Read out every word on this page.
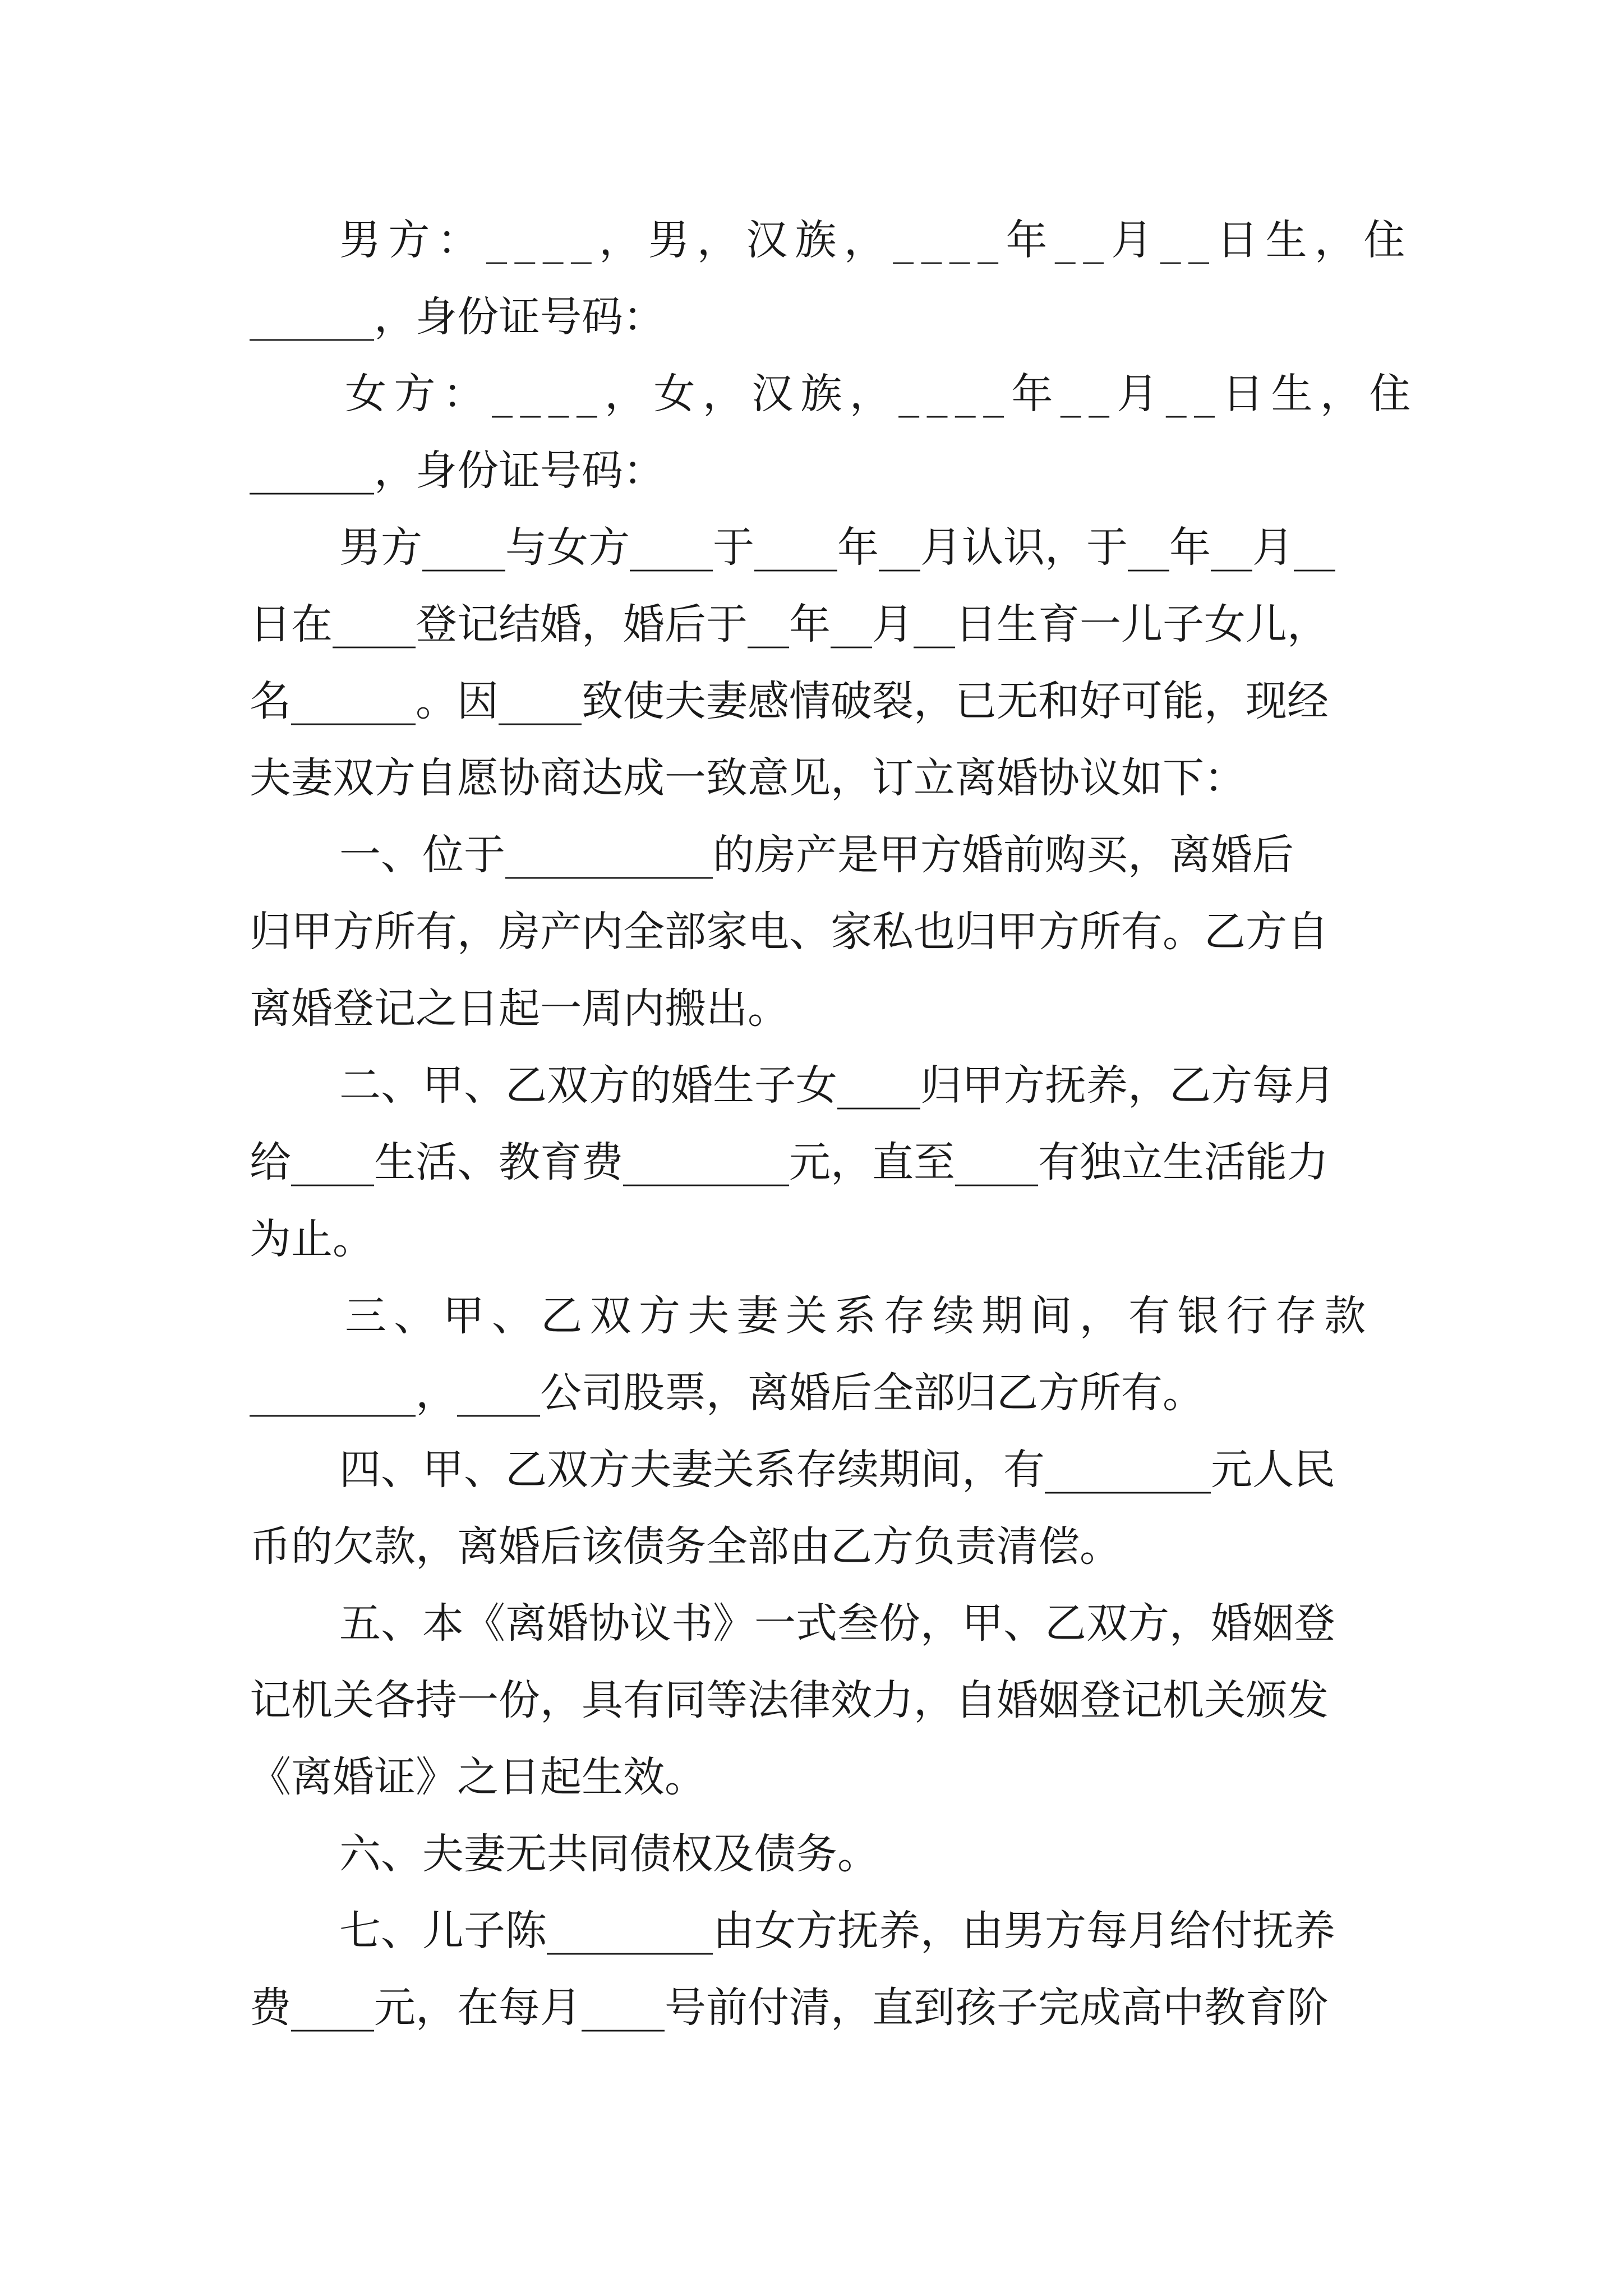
男方：____，男，汉族，____年__月__日生，住
______，身份证号码：
女方：____，女，汉族，____年__月__日生，住
______，身份证号码：
男方____与女方____于____年__月认识，于__年__月__
日在____登记结婚，婚后于__年__月__日生育一儿子女儿，
名______。因____致使夫妻感情破裂，已无和好可能，现经
夫妻双方自愿协商达成一致意见，订立离婚协议如下：
一、位于__________的房产是甲方婚前购买，离婚后
归甲方所有，房产内全部家电、家私也归甲方所有。乙方自
离婚登记之日起一周内搬出。
二、甲、乙双方的婚生子女____归甲方抚养，乙方每月
给____生活、教育费________元，直至____有独立生活能力
为止。
三、甲、乙双方夫妻关系存续期间，有银行存款
________，____公司股票，离婚后全部归乙方所有。
四、甲、乙双方夫妻关系存续期间，有________元人民
币的欠款，离婚后该债务全部由乙方负责清偿。
五、本《离婚协议书》一式叁份，甲、乙双方，婚姻登
记机关各持一份，具有同等法律效力，自婚姻登记机关颁发
《离婚证》之日起生效。
六、夫妻无共同债权及债务。
七、儿子陈________由女方抚养，由男方每月给付抚养
费____元，在每月____号前付清，直到孩子完成高中教育阶
